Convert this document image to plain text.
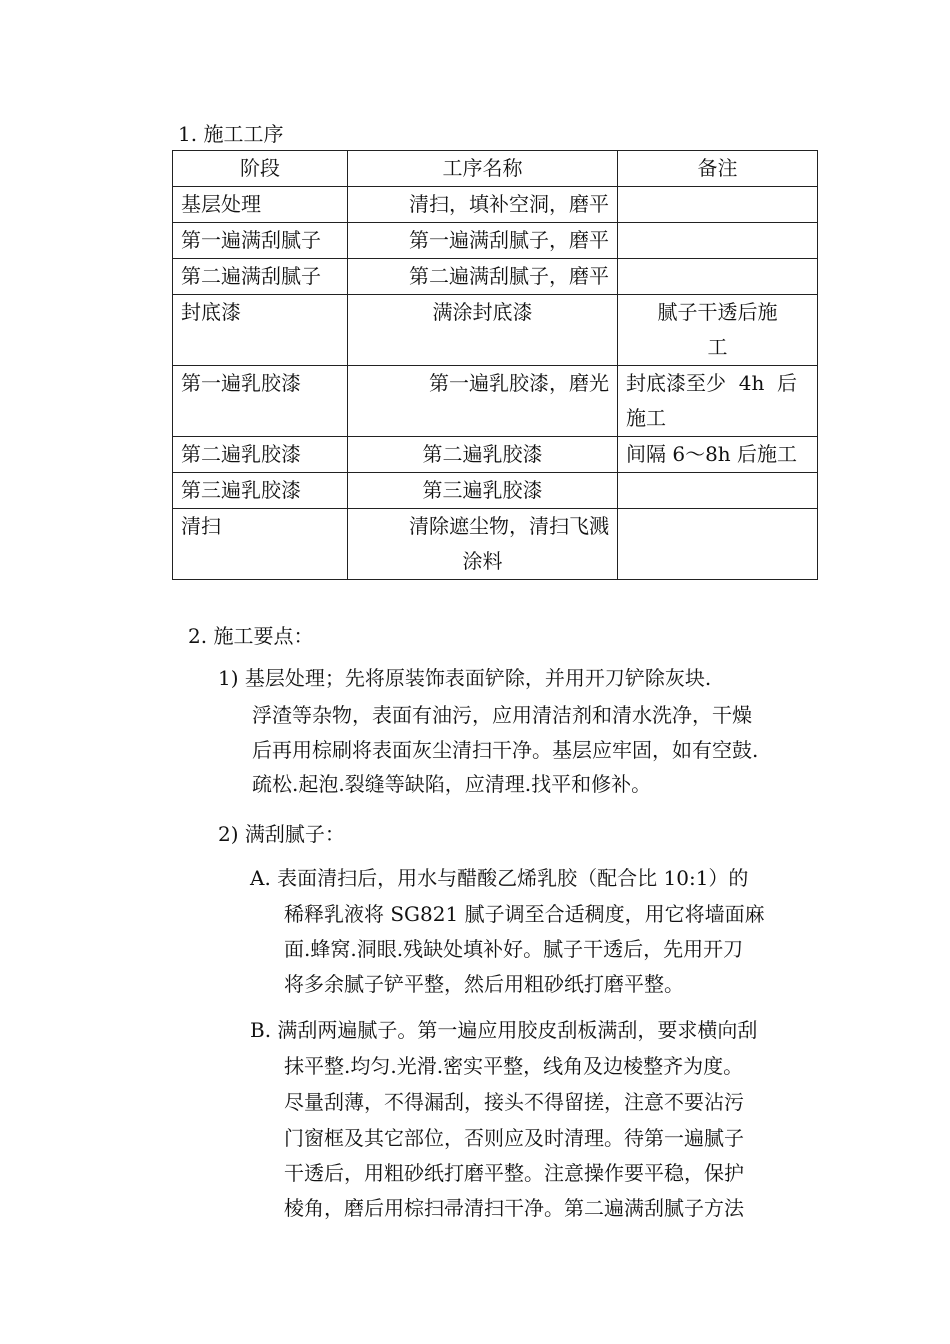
1. 施工工序
阶段	工序名称	备注
基层处理	清扫，填补空洞，磨平	
第一遍满刮腻子	第一遍满刮腻子，磨平	
第二遍满刮腻子	第二遍满刮腻子，磨平	
封底漆	满涂封底漆	腻子干透后施
工

第一遍乳胶漆	第一遍乳胶漆，磨光	封底漆至少  4h  后
施工

第二遍乳胶漆	第二遍乳胶漆	间隔 6〜8h 后施工
第三遍乳胶漆	第三遍乳胶漆	
清扫	清除遮尘物，清扫飞溅
涂料	

2. 施工要点：
1) 基层处理；先将原装饰表面铲除，并用开刀铲除灰块.
浮渣等杂物，表面有油污，应用清洁剂和清水洗净，干燥
后再用棕刷将表面灰尘清扫干净。基层应牢固，如有空鼓.
疏松.起泡.裂缝等缺陷，应清理.找平和修补。
2) 满刮腻子：
A. 表面清扫后，用水与醋酸乙烯乳胶（配合比 10:1）的
稀释乳液将 SG821 腻子调至合适稠度，用它将墙面麻
面.蜂窝.洞眼.残缺处填补好。腻子干透后，先用开刀
将多余腻子铲平整，然后用粗砂纸打磨平整。
B. 满刮两遍腻子。第一遍应用胶皮刮板满刮，要求横向刮
抹平整.均匀.光滑.密实平整，线角及边棱整齐为度。
尽量刮薄，不得漏刮，接头不得留搓，注意不要沾污
门窗框及其它部位，否则应及时清理。待第一遍腻子
干透后，用粗砂纸打磨平整。注意操作要平稳，保护
棱角，磨后用棕扫帚清扫干净。第二遍满刮腻子方法
